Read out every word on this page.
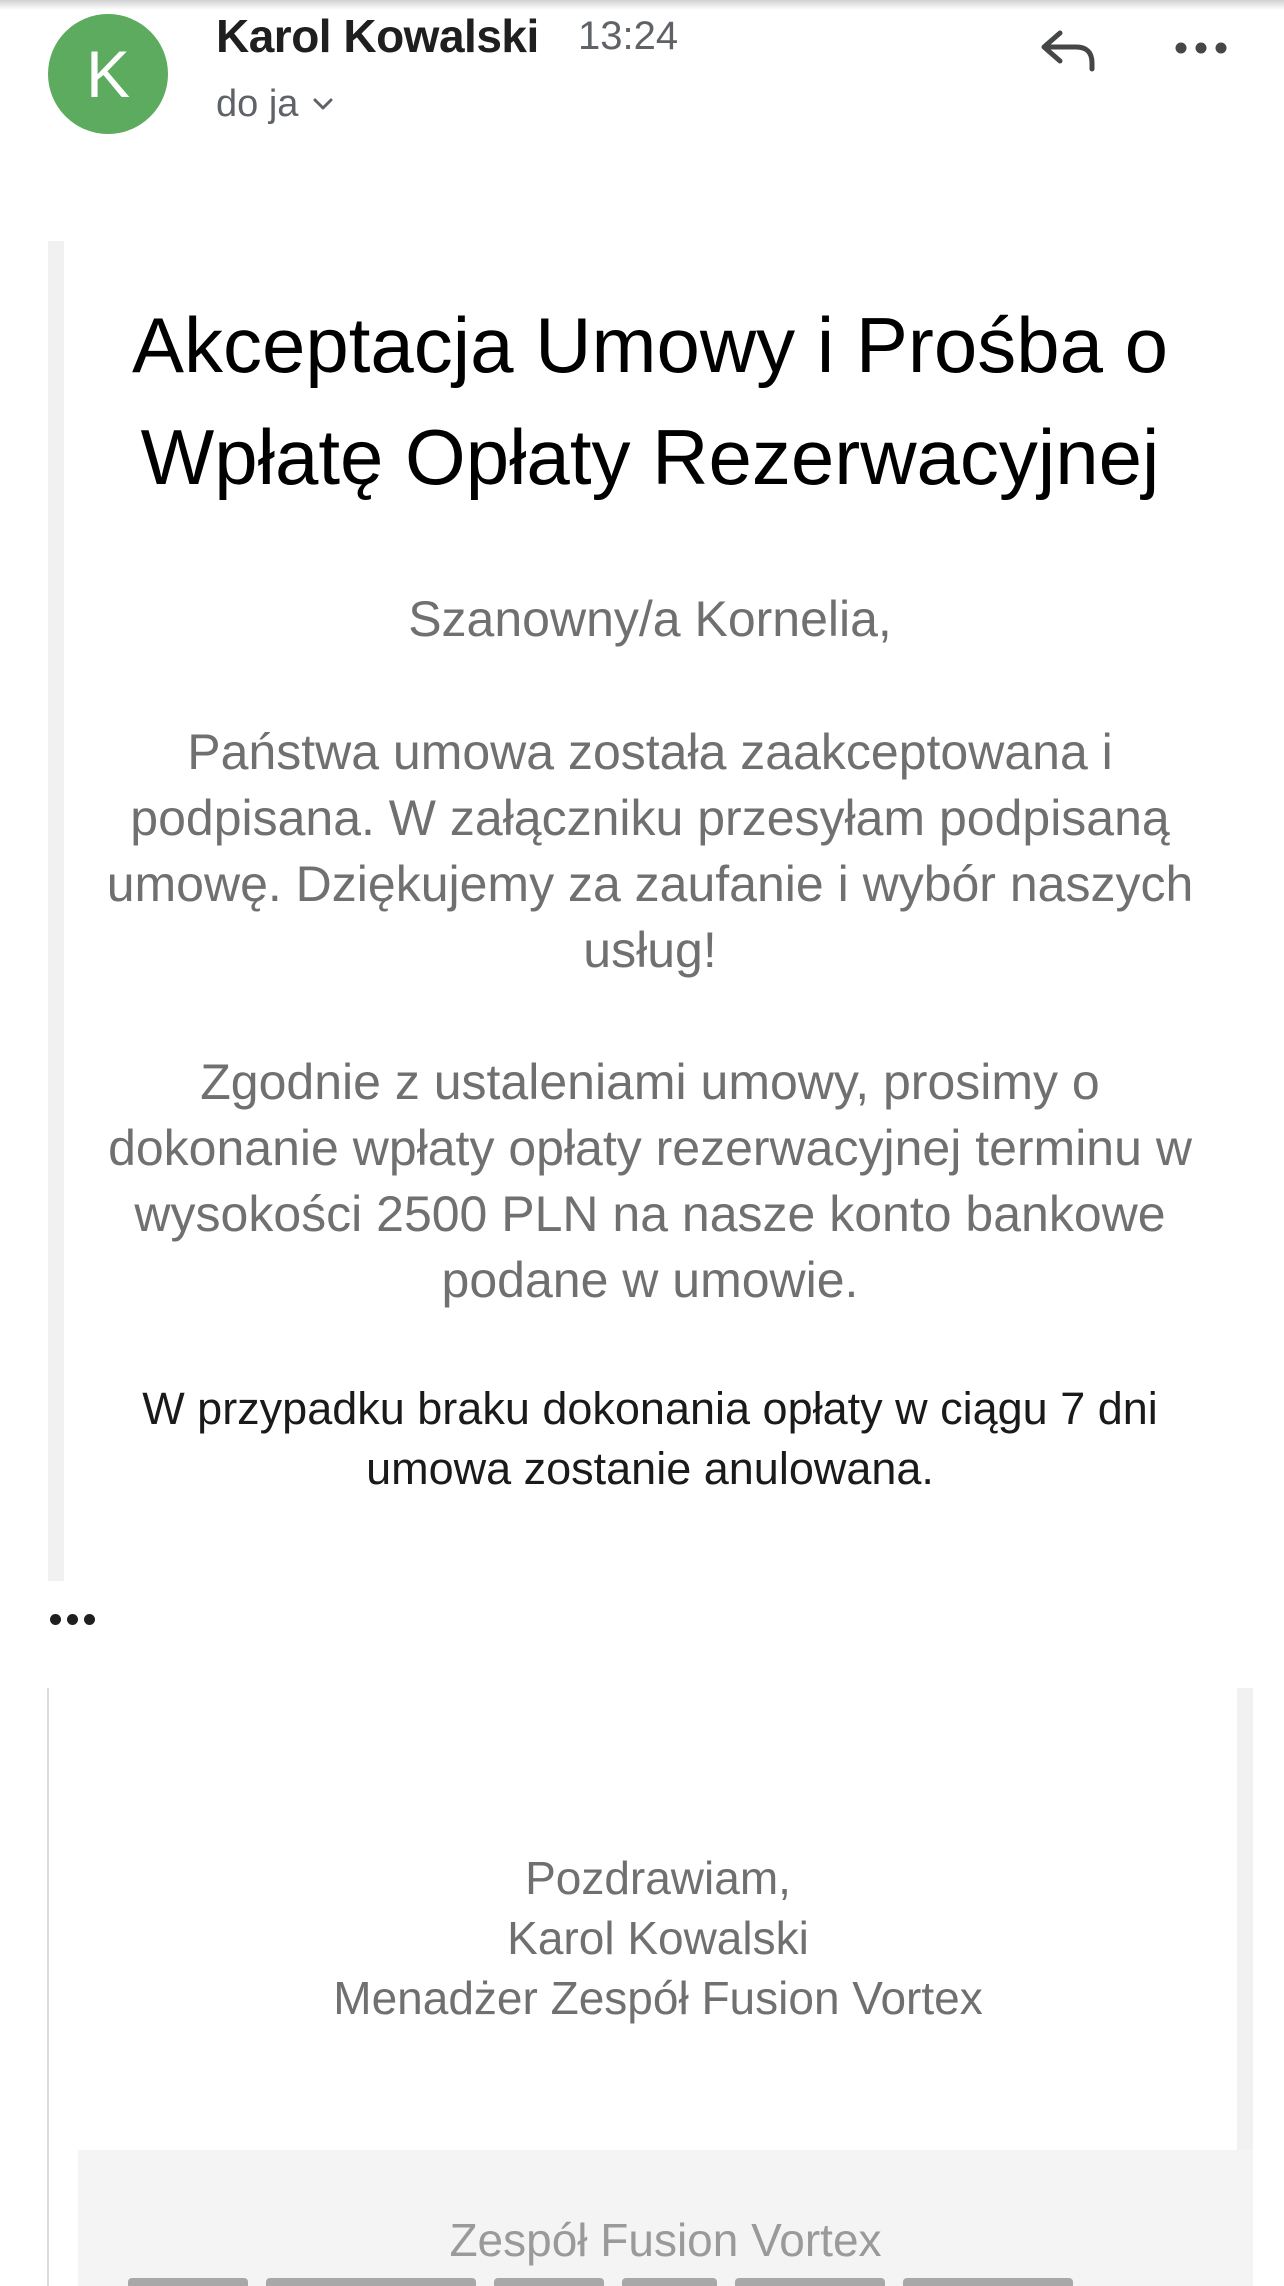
K
Karol Kowalski 13:24
do ja
Akceptacja Umowy i Prośba o
Wpłatę Opłaty Rezerwacyjnej
Szanowny/a Kornelia,
Państwa umowa została zaakceptowana i podpisana. W załączniku przesyłam podpisaną umowę. Dziękujemy za zaufanie i wybór naszych usług!
Zgodnie z ustaleniami umowy, prosimy o dokonanie wpłaty opłaty rezerwacyjnej terminu w wysokości 2500 PLN na nasze konto bankowe podane w umowie.
W przypadku braku dokonania opłaty w ciągu 7 dni umowa zostanie anulowana.
Pozdrawiam,
Karol Kowalski
Menadżer Zespół Fusion Vortex
Zespół Fusion Vortex
